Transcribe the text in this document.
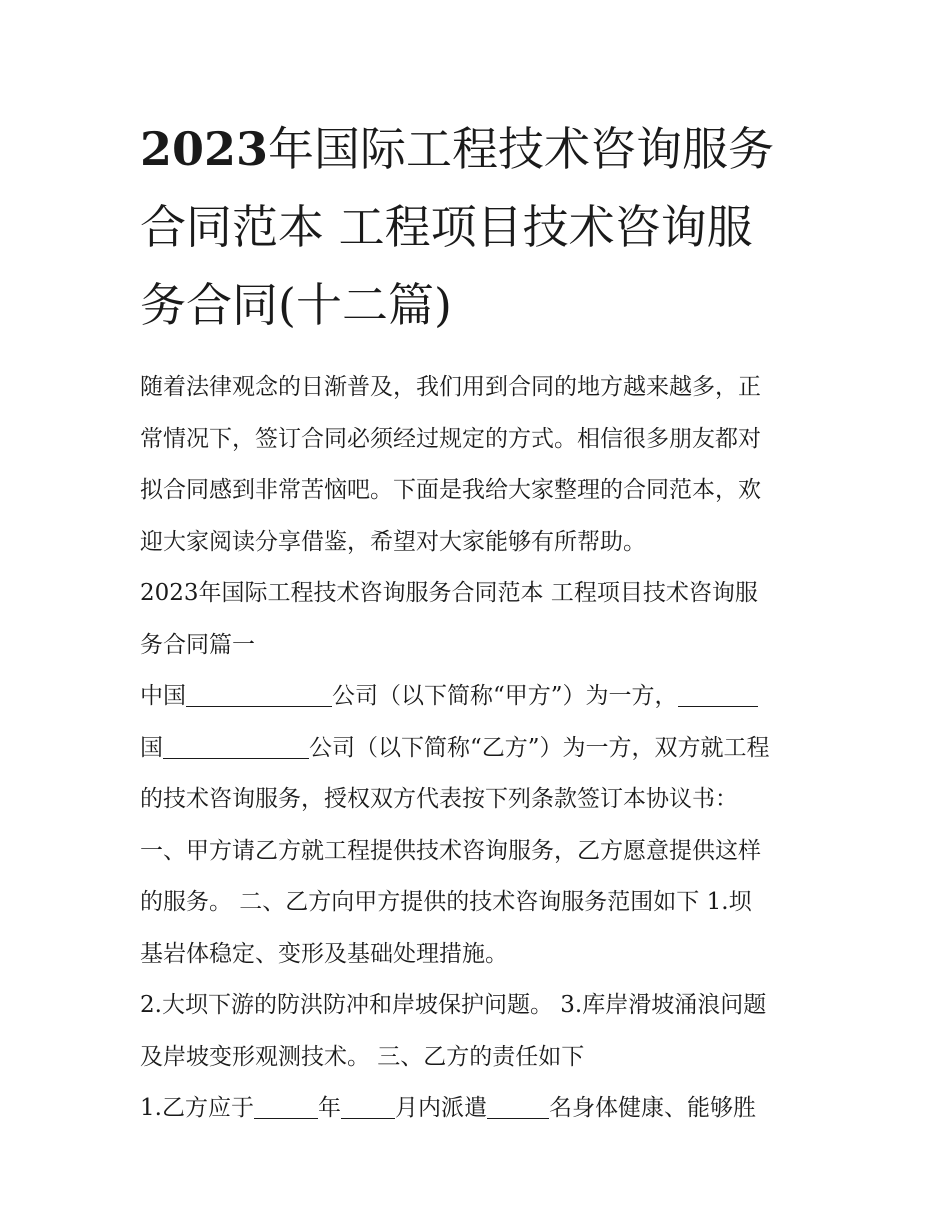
2023年国际工程技术咨询服务
合同范本 工程项目技术咨询服
务合同(十二篇)

随着法律观念的日渐普及，我们用到合同的地方越来越多，正
常情况下，签订合同必须经过规定的方式。相信很多朋友都对
拟合同感到非常苦恼吧。下面是我给大家整理的合同范本，欢
迎大家阅读分享借鉴，希望对大家能够有所帮助。

2023年国际工程技术咨询服务合同范本 工程项目技术咨询服
务合同篇一

中国	公司（以下简称“甲方”）为一方，
国	公司（以下简称“乙方”）为一方，双方就工程
的技术咨询服务，授权双方代表按下列条款签订本协议书：

一、甲方请乙方就工程提供技术咨询服务，乙方愿意提供这样
的服务。 二、乙方向甲方提供的技术咨询服务范围如下 1.坝
基岩体稳定、变形及基础处理措施。

2.大坝下游的防洪防冲和岸坡保护问题。 3.库岸滑坡涌浪问题
及岸坡变形观测技术。 三、乙方的责任如下

1.乙方应于	年 月内派遣	名身体健康、能够胜
